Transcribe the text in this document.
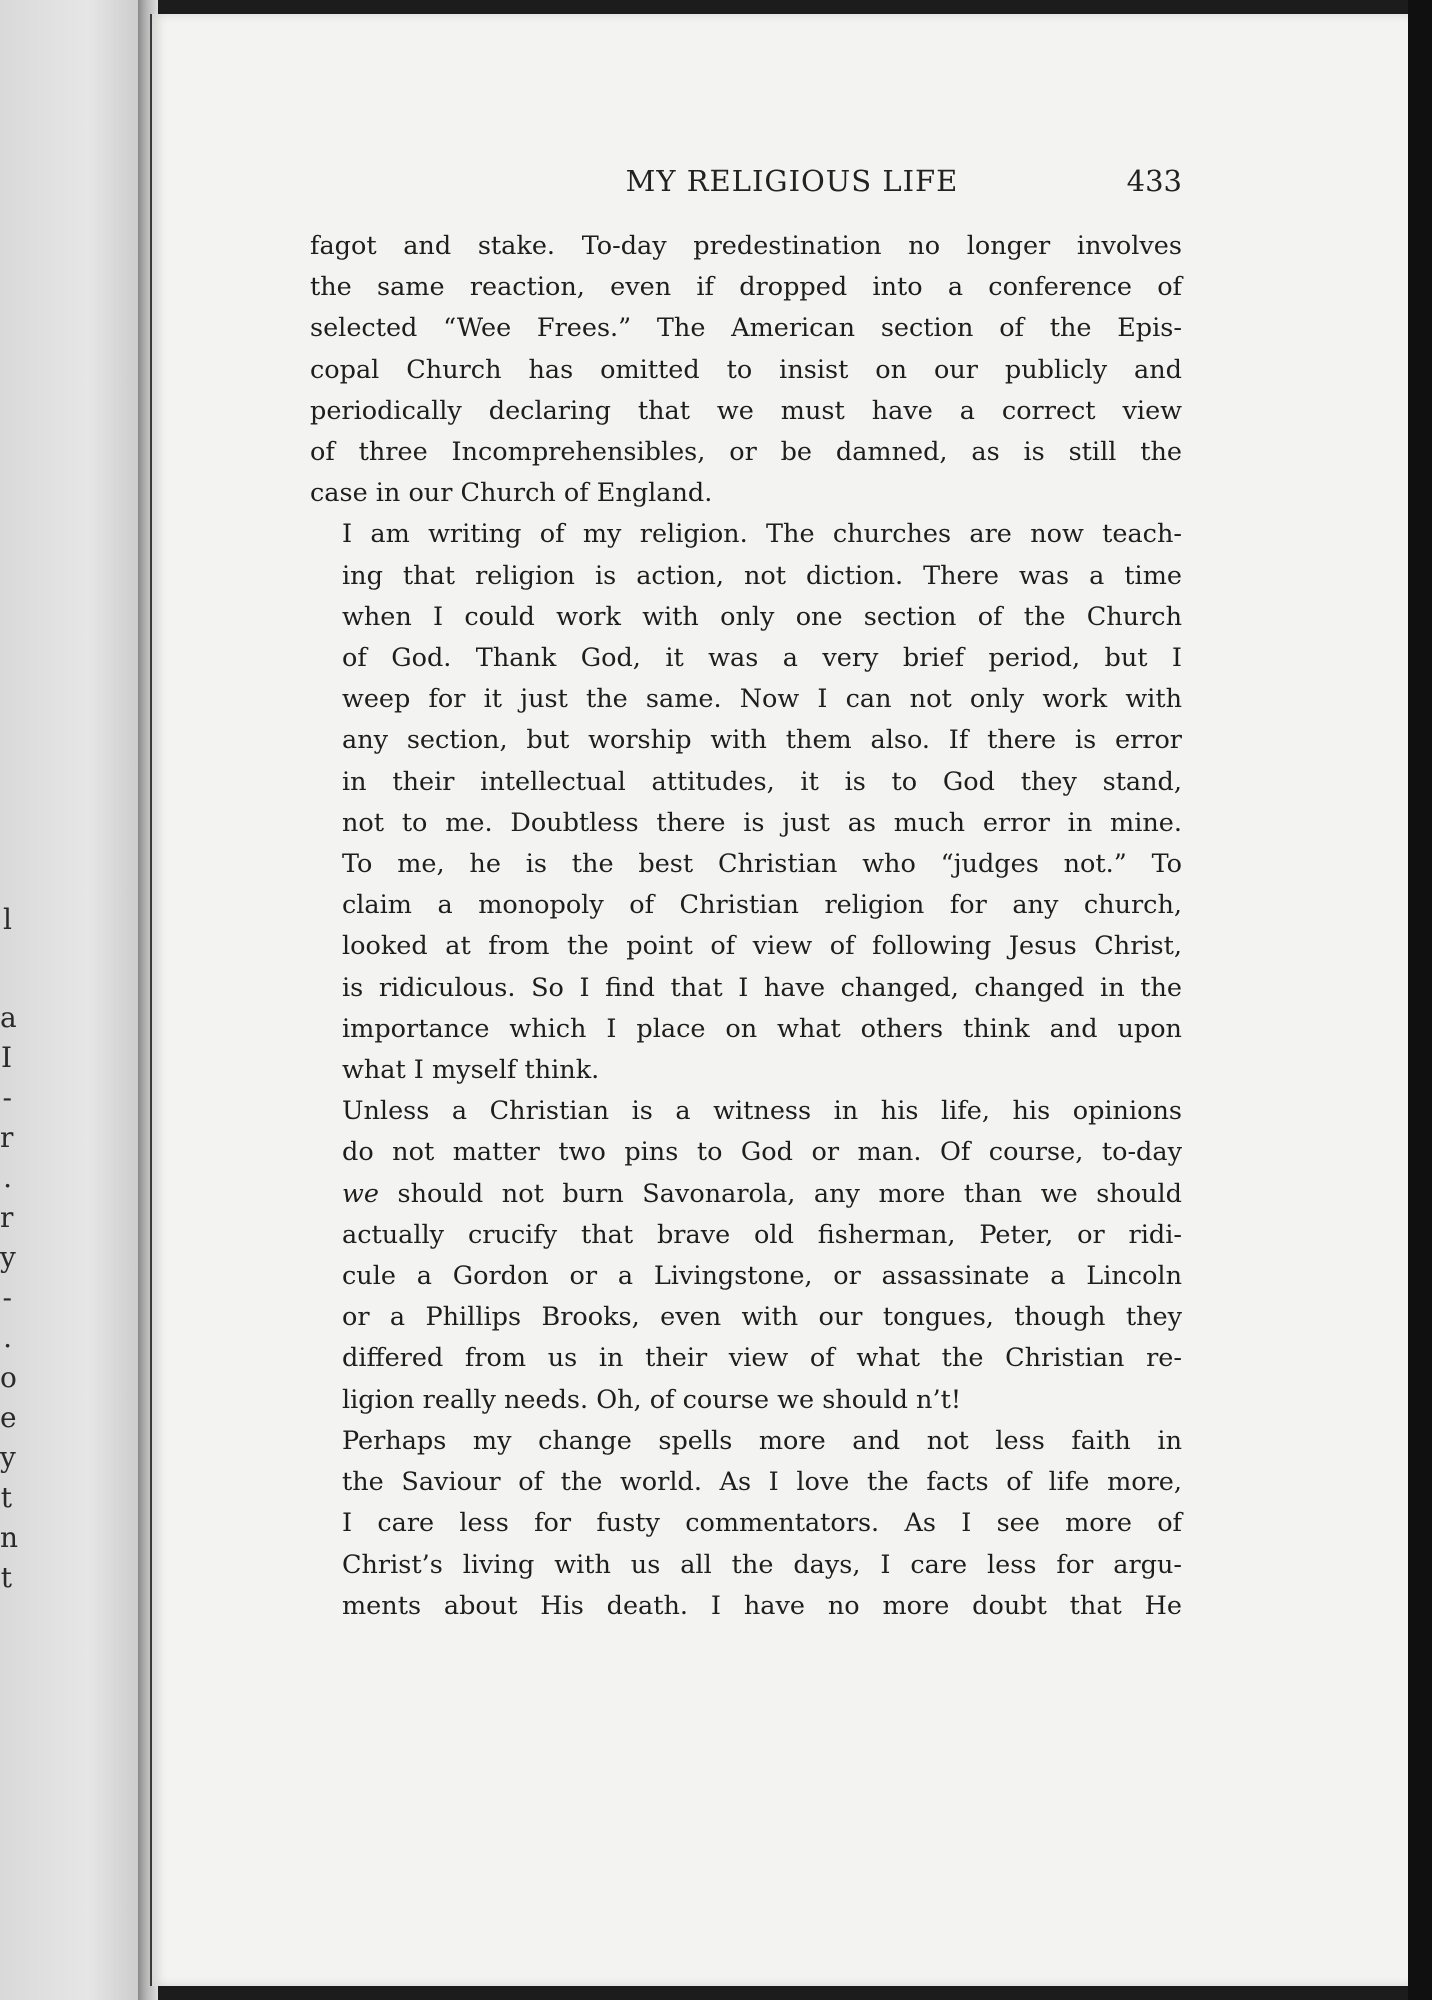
l
a
I
-
r
.
r
y
-
.
o
e
y
t
n
t
MY RELIGIOUS LIFE	433

fagot and stake. To-day predestination no longer involves
the same reaction, even if dropped into a conference of
selected “Wee Frees.” The American section of the Epis-
copal Church has omitted to insist on our publicly and
periodically declaring that we must have a correct view
of three Incomprehensibles, or be damned, as is still the
case in our Church of England.

I am writing of my religion. The churches are now teach-
ing that religion is action, not diction. There was a time
when I could work with only one section of the Church
of God. Thank God, it was a very brief period, but I
weep for it just the same. Now I can not only work with
any section, but worship with them also. If there is error
in their intellectual attitudes, it is to God they stand,
not to me. Doubtless there is just as much error in mine.
To me, he is the best Christian who “judges not.” To
claim a monopoly of Christian religion for any church,
looked at from the point of view of following Jesus Christ,
is ridiculous. So I find that I have changed, changed in the
importance which I place on what others think and upon
what I myself think.

Unless a Christian is a witness in his life, his opinions
do not matter two pins to God or man. Of course, to-day
we should not burn Savonarola, any more than we should
actually crucify that brave old fisherman, Peter, or ridi-
cule a Gordon or a Livingstone, or assassinate a Lincoln
or a Phillips Brooks, even with our tongues, though they
differed from us in their view of what the Christian re-
ligion really needs. Oh, of course we should n’t!

Perhaps my change spells more and not less faith in
the Saviour of the world. As I love the facts of life more,
I care less for fusty commentators. As I see more of
Christ’s living with us all the days, I care less for argu-
ments about His death. I have no more doubt that He
